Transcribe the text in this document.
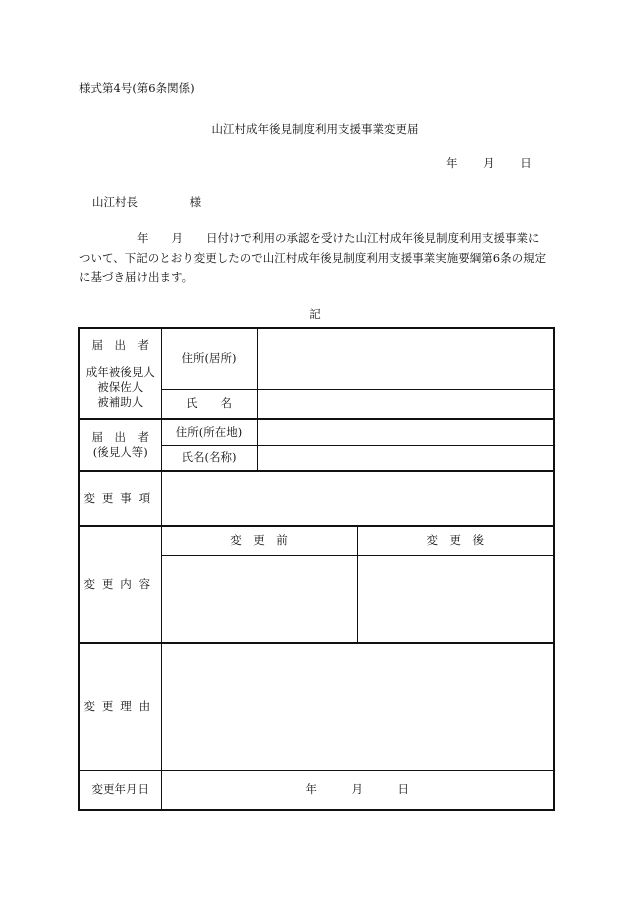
様式第4号(第6条関係)
山江村成年後見制度利用支援事業変更届
年 月 日
山江村長 様

年　　月　　日付けで利用の承認を受けた山江村成年後見制度利用支援事業に

ついて、下記のとおり変更したので山江村成年後見制度利用支援事業実施要綱第6条の規定

に基づき届け出ます。

記
届　出　者
成年被後見人
被保佐人
被補助人	住所(居所)		
	氏　　名		

届　出　者
(後見人等)	住所(所在地)		
	氏名(名称)		
変更事項			
変更内容	変　更　前		変　更　後

変更理由			
変更年月日	年　　　月　　　日		
